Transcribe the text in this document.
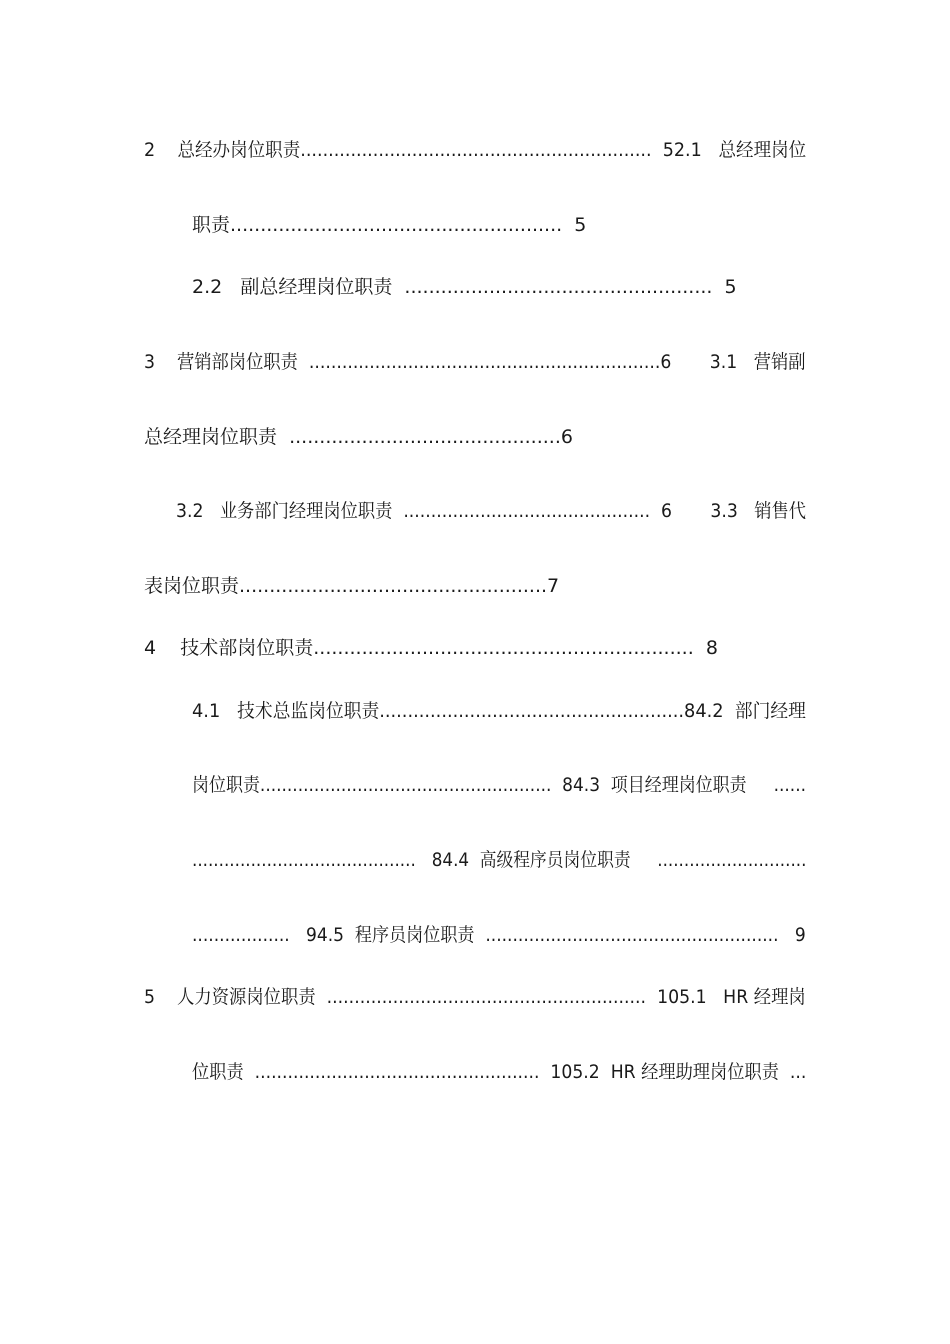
2    总经办岗位职责...............................................................  52.1   总经理岗位
职责.......................................................  5
2.2   副总经理岗位职责  ...................................................  5
3    营销部岗位职责  ................................................................6       3.1   营销副
总经理岗位职责  .............................................6
3.2   业务部门经理岗位职责  .............................................  6       3.3   销售代
表岗位职责...................................................7
4    技术部岗位职责...............................................................  8
4.1   技术总监岗位职责......................................................84.2  部门经理
岗位职责......................................................  84.3  项目经理岗位职责     ......
..........................................   84.4  高级程序员岗位职责     ............................
..................   94.5  程序员岗位职责  ......................................................   9
5    人力资源岗位职责  ..........................................................  105.1   HR 经理岗
位职责  ....................................................  105.2  HR 经理助理岗位职责  ...
